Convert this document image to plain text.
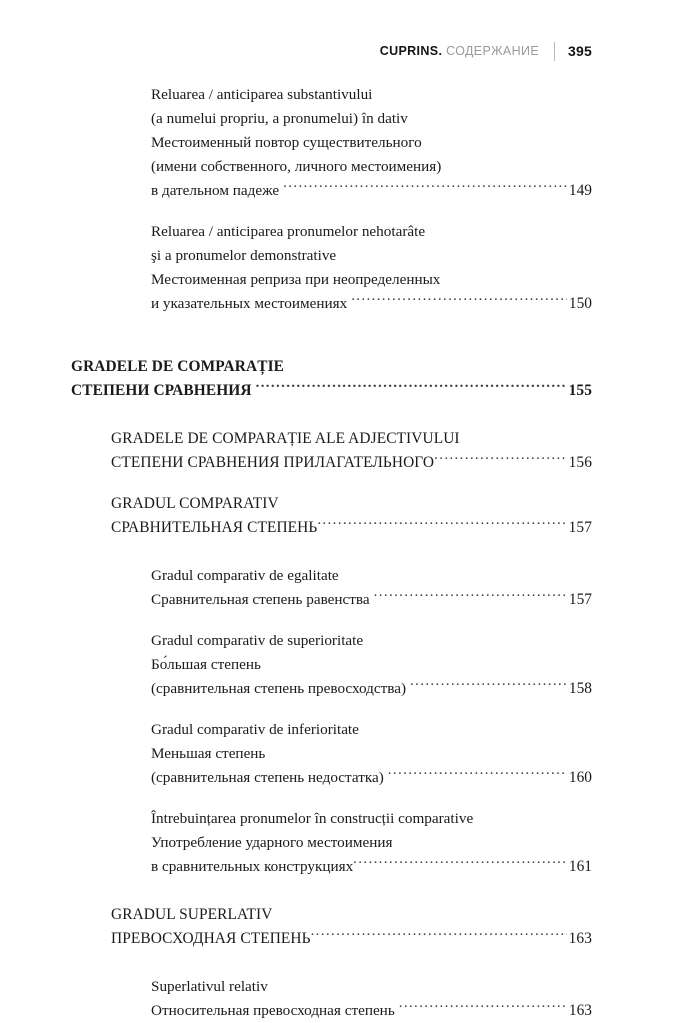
CUPRINS. СОДЕРЖАНИЕ 395
Reluarea / anticiparea substantivului
(a numelui propriu, a pronumelui) în dativ
Местоименный повтор существительного
(имени собственного, личного местоимения)
в дательном падеже .....	149
Reluarea / anticiparea pronumelor nehotarâte
şi a pronumelor demonstrative
Местоименная реприза при неопределенных
и указательных местоимениях .....	150
GRADELE DE COMPARAȚIE
СТЕПЕНИ СРАВНЕНИЯ .....	155
GRADELE DE COMPARAȚIE ALE ADJECTIVULUI
СТЕПЕНИ СРАВНЕНИЯ ПРИЛАГАТЕЛЬНОГО .....	156
GRADUL COMPARATIV
СРАВНИТЕЛЬНАЯ СТЕПЕНЬ .....	157
Gradul comparativ de egalitate
Сравнительная степень равенства .....	157
Gradul comparativ de superioritate
Бо́льшая степень
(сравнительная степень превосходства) .....	158
Gradul comparativ de inferioritate
Меньшая степень
(сравнительная степень недостатка) .....	160
Întrebuințarea pronumelor în construcții comparative
Употребление ударного местоимения
в сравнительных конструкциях .....	161
GRADUL SUPERLATIV
ПРЕВОСХОДНАЯ СТЕПЕНЬ .....	163
Superlativul relativ
Относительная превосходная степень .....	163
